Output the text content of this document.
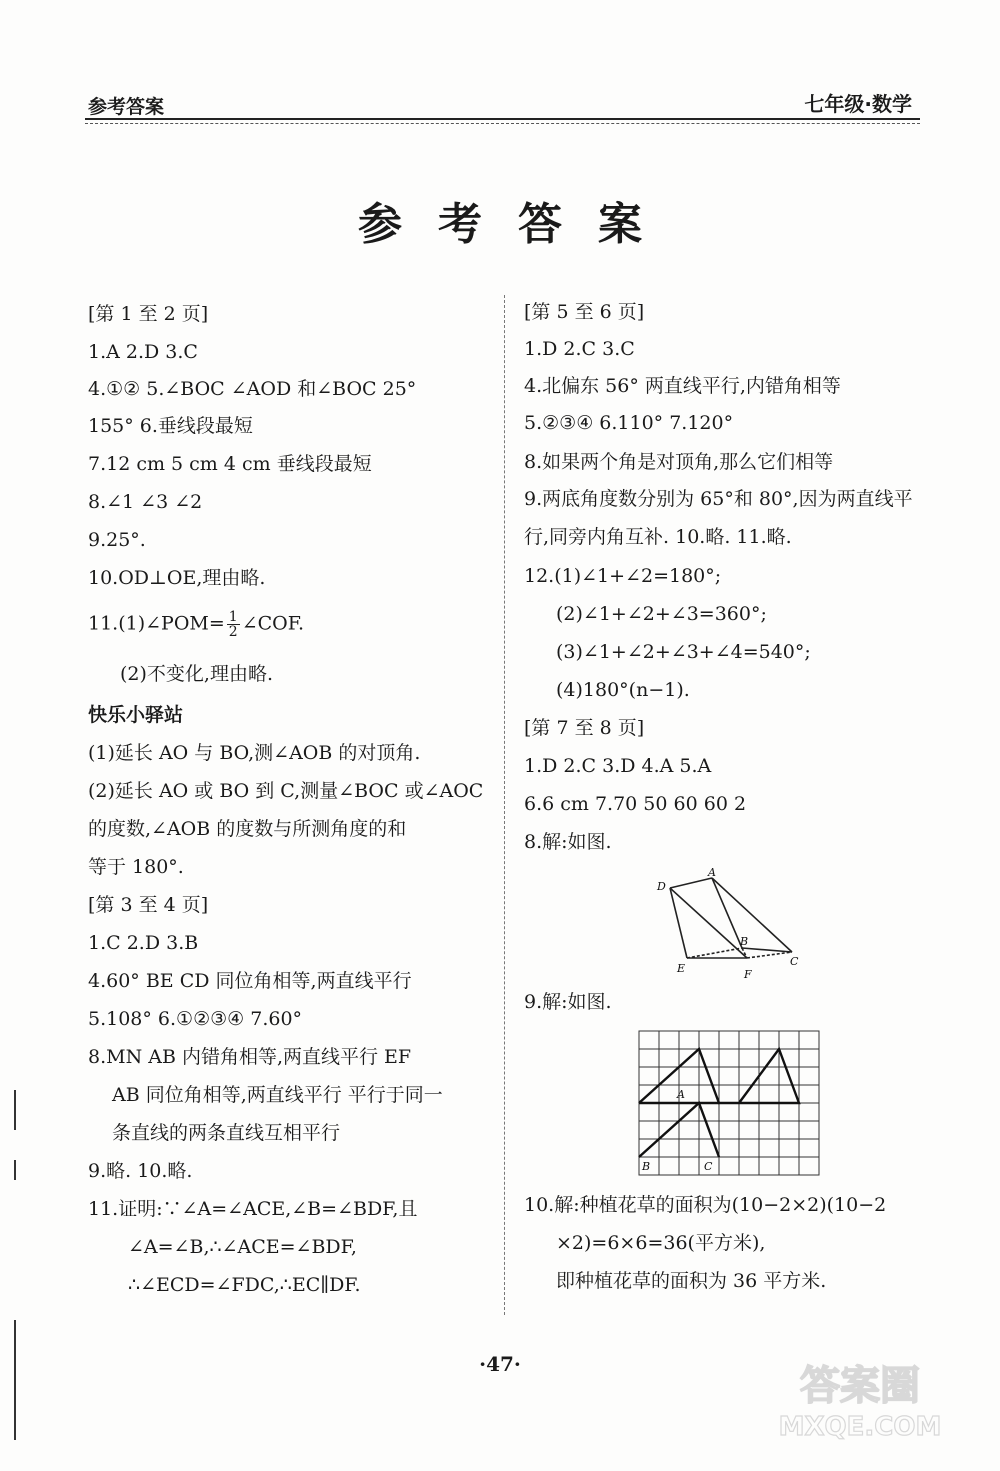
参考答案	七年级·数学
参考答案
[第 1 至 2 页]
1.A 2.D 3.C
4.①② 5.∠BOC ∠AOD 和∠BOC 25°
155° 6.垂线段最短
7.12 cm 5 cm 4 cm 垂线段最短
8.∠1 ∠3 ∠2
9.25°.
10.OD⊥OE,理由略.
11.(1)∠POM= $\frac{1}{2}$ ∠COF.
(2)不变化,理由略.
快乐小驿站
(1)延长 AO 与 BO,测∠AOB 的对顶角.
(2)延长 AO 或 BO 到 C,测量∠BOC 或∠AOC
的度数,∠AOB 的度数与所测角度的和
等于 180°.
[第 3 至 4 页]
1.C 2.D 3.B
4.60° BE CD 同位角相等,两直线平行
5.108° 6.①②③④ 7.60°
8.MN AB 内错角相等,两直线平行 EF
AB 同位角相等,两直线平行 平行于同一
条直线的两条直线互相平行
9.略. 10.略.
11.证明:∵∠A=∠ACE,∠B=∠BDF,且
∠A=∠B,∴∠ACE=∠BDF,
∴∠ECD=∠FDC,∴EC∥DF.
[第 5 至 6 页]
1.D 2.C 3.C
4.北偏东 56° 两直线平行,内错角相等
5.②③④ 6.110° 7.120°
8.如果两个角是对顶角,那么它们相等
9.两底角度数分别为 65°和 80°,因为两直线平
行,同旁内角互补. 10.略. 11.略.
12.(1)∠1+∠2=180°;
(2)∠1+∠2+∠3=360°;
(3)∠1+∠2+∠3+∠4=540°;
(4)180°(n−1).
[第 7 至 8 页]
1.D 2.C 3.D 4.A 5.A
6.6 cm 7.70 50 60 60 2
8.解:如图.
D
A
B
E	F
C
9.解:如图.
A
B	C
10.解:种植花草的面积为(10−2×2)(10−2
×2)=6×6=36(平方米),
即种植花草的面积为 36 平方米.
·47·	答案圈
MXQE.COM
